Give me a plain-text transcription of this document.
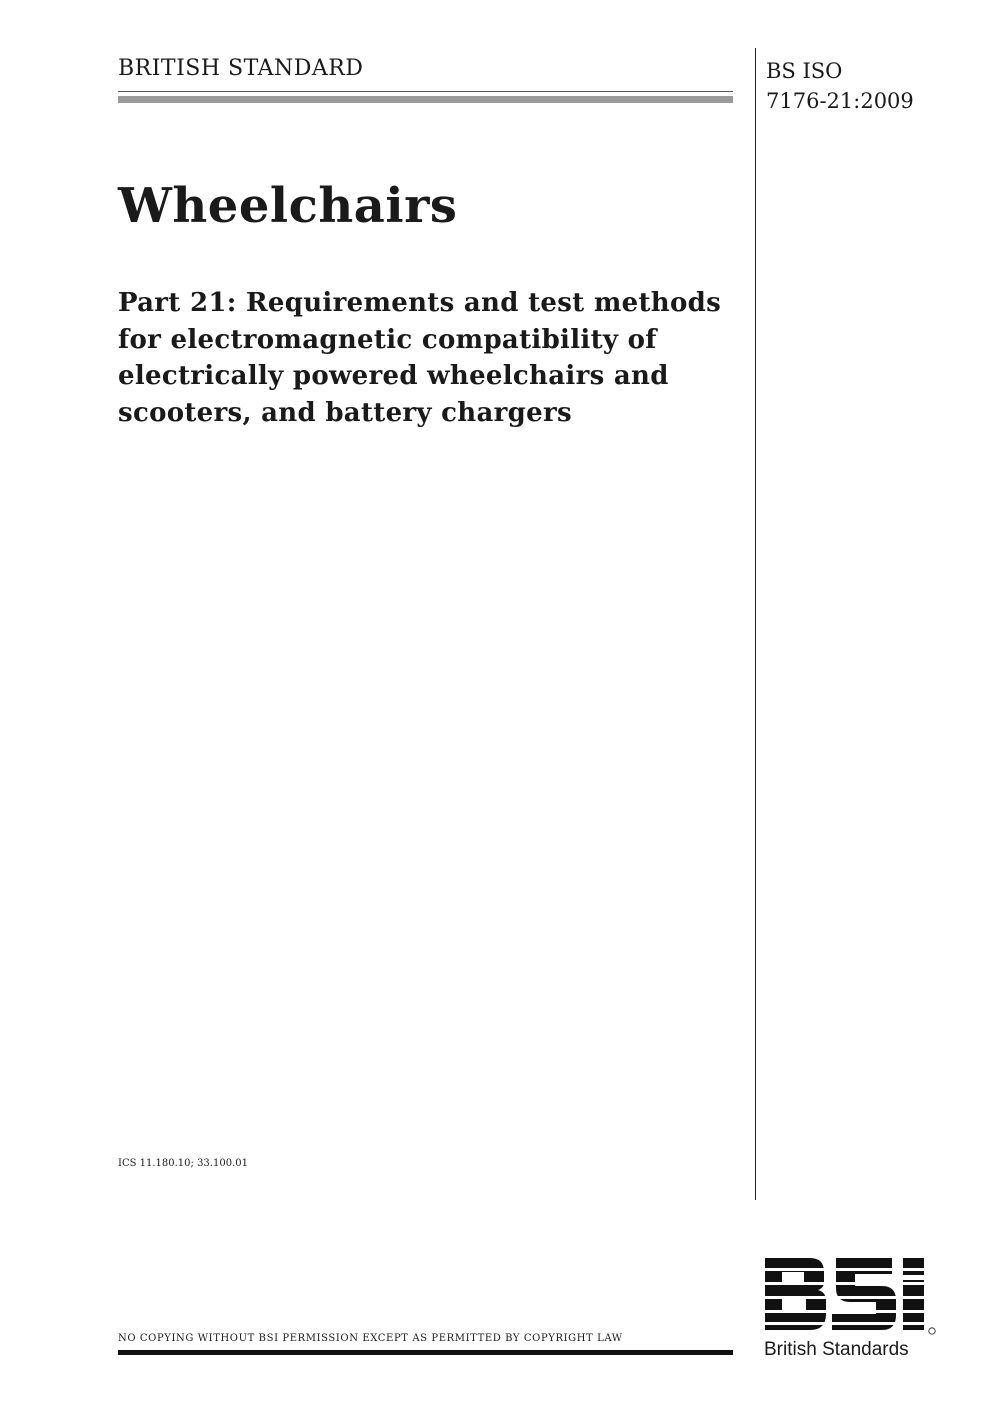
BRITISH STANDARD	BS ISO
7176-21:2009
Wheelchairs
Part 21: Requirements and test methods for electromagnetic compatibility of electrically powered wheelchairs and scooters, and battery chargers
ICS 11.180.10; 33.100.01
NO COPYING WITHOUT BSI PERMISSION EXCEPT AS PERMITTED BY COPYRIGHT LAW
British Standards
